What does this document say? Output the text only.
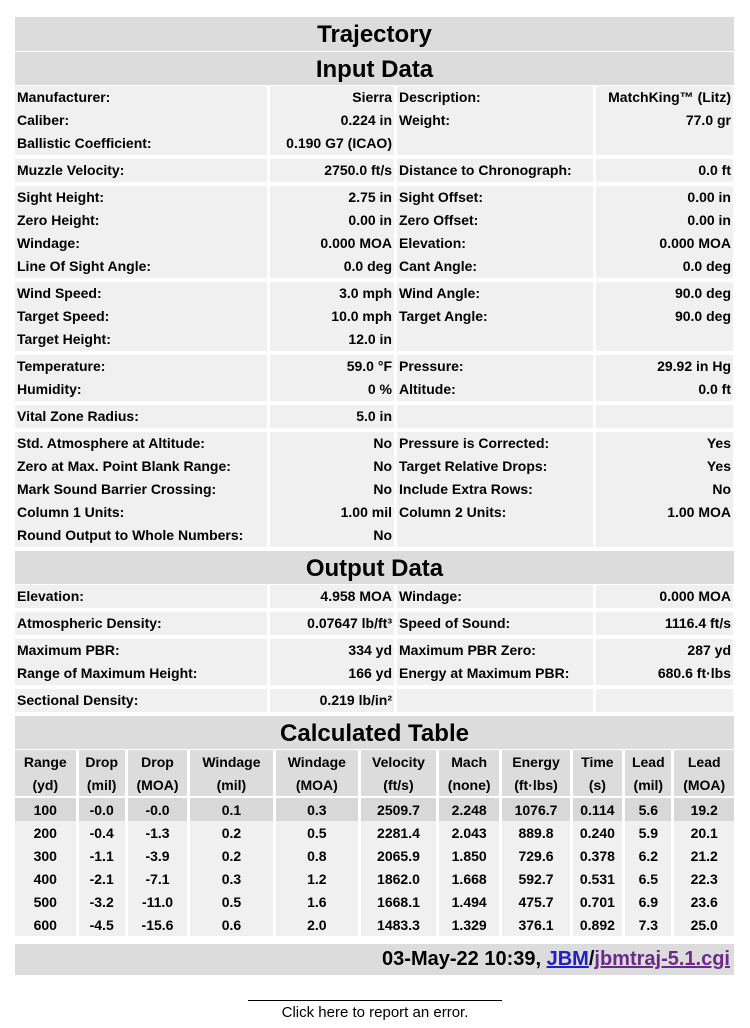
Trajectory
Input Data
Manufacturer:	Sierra Description:	MatchKing™ (Litz)
Caliber:	0.224 in Weight:	77.0 gr
Ballistic Coefficient:	0.190 G7 (ICAO)
Muzzle Velocity:	2750.0 ft/s Distance to Chronograph:	0.0 ft
Sight Height:	2.75 in Sight Offset:	0.00 in
Zero Height:	0.00 in Zero Offset:	0.00 in
Windage:	0.000 MOA Elevation:	0.000 MOA
Line Of Sight Angle:	0.0 deg Cant Angle:	0.0 deg
Wind Speed:	3.0 mph Wind Angle:	90.0 deg
Target Speed:	10.0 mph Target Angle:	90.0 deg
Target Height:	12.0 in
Temperature:	59.0 °F Pressure:	29.92 in Hg
Humidity:	0 % Altitude:	0.0 ft
Vital Zone Radius:	5.0 in
Std. Atmosphere at Altitude:	No Pressure is Corrected:	Yes
Zero at Max. Point Blank Range:	No Target Relative Drops:	Yes
Mark Sound Barrier Crossing:	No Include Extra Rows:	No
Column 1 Units:	1.00 mil Column 2 Units:	1.00 MOA
Round Output to Whole Numbers:	No
Output Data
Elevation:	4.958 MOA Windage:	0.000 MOA
Atmospheric Density:	0.07647 lb/ft³ Speed of Sound:	1116.4 ft/s
Maximum PBR:	334 yd Maximum PBR Zero:	287 yd
Range of Maximum Height:	166 yd Energy at Maximum PBR:	680.6 ft·lbs
Sectional Density:	0.219 lb/in²
Calculated Table
Range	Drop	Drop	Windage	Windage	Velocity	Mach	Energy	Time	Lead	Lead
(yd)	(mil)	(MOA)	(mil)	(MOA)	(ft/s)	(none)	(ft·lbs)	(s)	(mil)	(MOA)
100	-0.0	-0.0	0.1	0.3	2509.7	2.248	1076.7	0.114	5.6	19.2
200	-0.4	-1.3	0.2	0.5	2281.4	2.043	889.8	0.240	5.9	20.1
300	-1.1	-3.9	0.2	0.8	2065.9	1.850	729.6	0.378	6.2	21.2
400	-2.1	-7.1	0.3	1.2	1862.0	1.668	592.7	0.531	6.5	22.3
500	-3.2	-11.0	0.5	1.6	1668.1	1.494	475.7	0.701	6.9	23.6
600	-4.5	-15.6	0.6	2.0	1483.3	1.329	376.1	0.892	7.3	25.0
03-May-22 10:39, JBM/jbmtraj-5.1.cgi
Click here to report an error.
